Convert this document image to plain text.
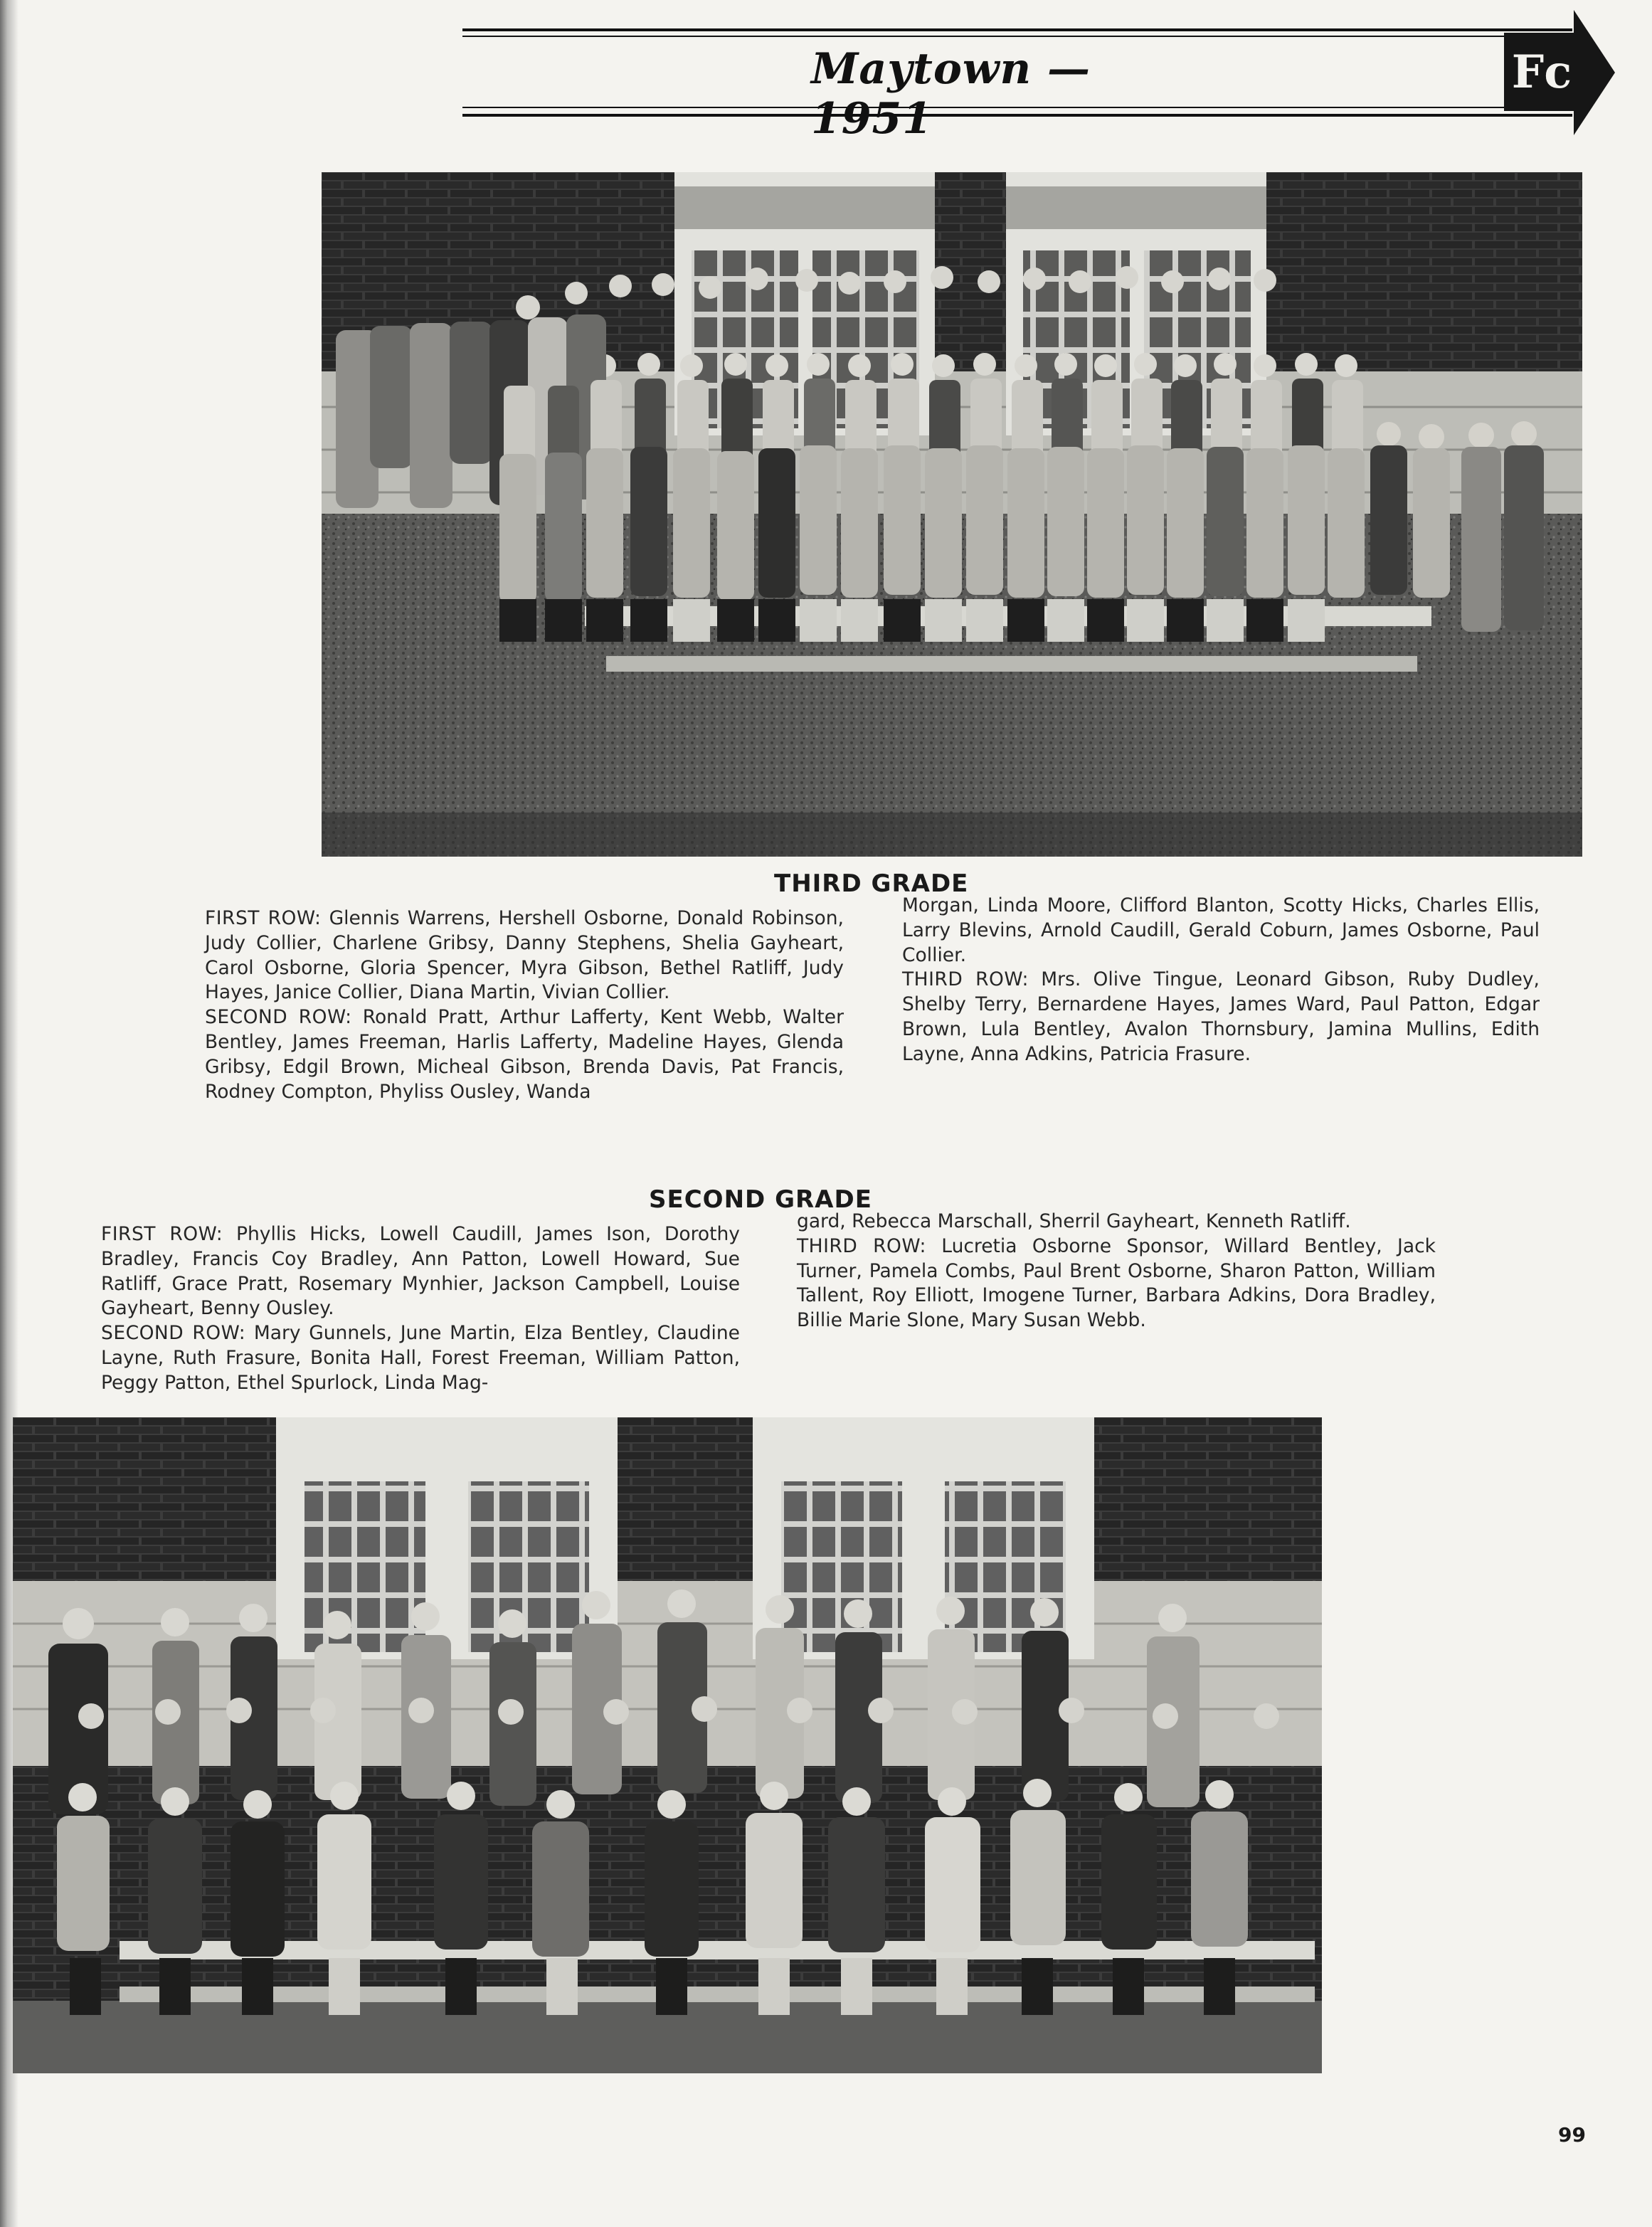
Maytown — 1951
Fc
THIRD GRADE

FIRST ROW: Glennis Warrens, Hershell Osborne, Donald Robinson, Judy Collier, Charlene Gribsy, Danny Stephens, Shelia Gayheart, Carol Osborne, Gloria Spencer, Myra Gibson, Bethel Ratliff, Judy Hayes, Janice Collier, Diana Martin, Vivian Collier.

SECOND ROW: Ronald Pratt, Arthur Lafferty, Kent Webb, Walter Bentley, James Freeman, Harlis Lafferty, Madeline Hayes, Glenda Gribsy, Edgil Brown, Micheal Gibson, Brenda Davis, Pat Francis, Rodney Compton, Phyliss Ousley, Wanda

Morgan, Linda Moore, Clifford Blanton, Scotty Hicks, Charles Ellis, Larry Blevins, Arnold Caudill, Gerald Coburn, James Osborne, Paul Collier.

THIRD ROW: Mrs. Olive Tingue, Leonard Gibson, Ruby Dudley, Shelby Terry, Bernardene Hayes, James Ward, Paul Patton, Edgar Brown, Lula Bentley, Avalon Thornsbury, Jamina Mullins, Edith Layne, Anna Adkins, Patricia Frasure.

SECOND GRADE

FIRST ROW: Phyllis Hicks, Lowell Caudill, James Ison, Dorothy Bradley, Francis Coy Bradley, Ann Patton, Lowell Howard, Sue Ratliff, Grace Pratt, Rosemary Mynhier, Jackson Campbell, Louise Gayheart, Benny Ousley.

SECOND ROW: Mary Gunnels, June Martin, Elza Bentley, Claudine Layne, Ruth Frasure, Bonita Hall, Forest Freeman, William Patton, Peggy Patton, Ethel Spurlock, Linda Mag-

gard, Rebecca Marschall, Sherril Gayheart, Kenneth Ratliff.

THIRD ROW: Lucretia Osborne Sponsor, Willard Bentley, Jack Turner, Pamela Combs, Paul Brent Osborne, Sharon Patton, William Tallent, Roy Elliott, Imogene Turner, Barbara Adkins, Dora Bradley, Billie Marie Slone, Mary Susan Webb.

99
